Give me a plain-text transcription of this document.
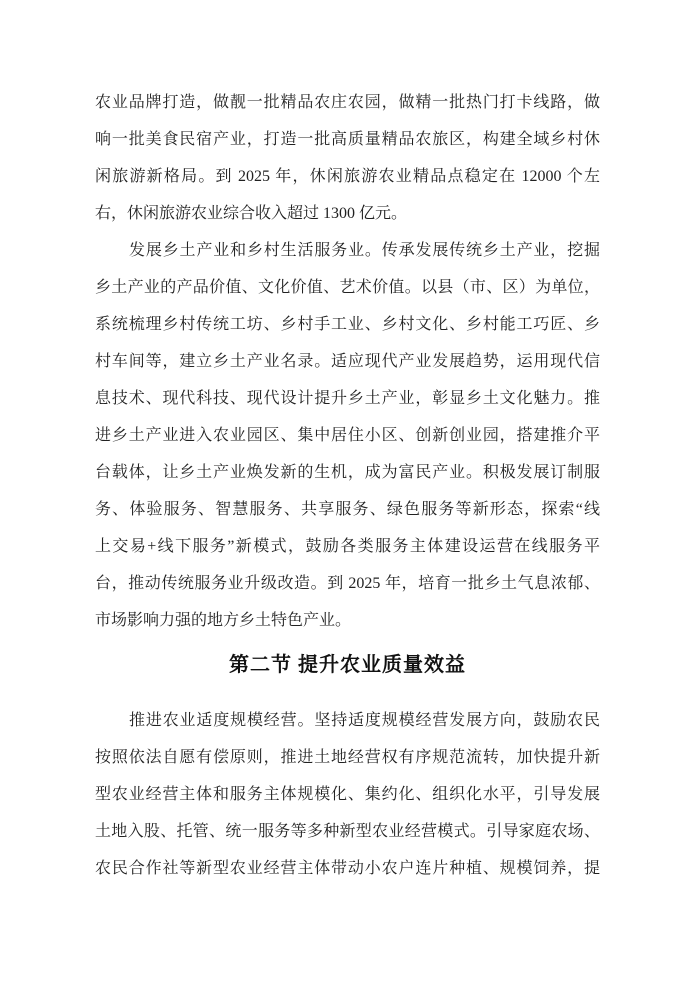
农业品牌打造，做靓一批精品农庄农园，做精一批热门打卡线路，做
响一批美食民宿产业，打造一批高质量精品农旅区，构建全域乡村休
闲旅游新格局。到 2025 年，休闲旅游农业精品点稳定在 12000 个左
右，休闲旅游农业综合收入超过 1300 亿元。
发展乡土产业和乡村生活服务业。传承发展传统乡土产业，挖掘
乡土产业的产品价值、文化价值、艺术价值。以县（市、区）为单位，
系统梳理乡村传统工坊、乡村手工业、乡村文化、乡村能工巧匠、乡
村车间等，建立乡土产业名录。适应现代产业发展趋势，运用现代信
息技术、现代科技、现代设计提升乡土产业，彰显乡土文化魅力。推
进乡土产业进入农业园区、集中居住小区、创新创业园，搭建推介平
台载体，让乡土产业焕发新的生机，成为富民产业。积极发展订制服
务、体验服务、智慧服务、共享服务、绿色服务等新形态，探索“线
上交易+线下服务”新模式，鼓励各类服务主体建设运营在线服务平
台，推动传统服务业升级改造。到 2025 年，培育一批乡土气息浓郁、
市场影响力强的地方乡土特色产业。
第二节 提升农业质量效益
推进农业适度规模经营。坚持适度规模经营发展方向，鼓励农民
按照依法自愿有偿原则，推进土地经营权有序规范流转，加快提升新
型农业经营主体和服务主体规模化、集约化、组织化水平，引导发展
土地入股、托管、统一服务等多种新型农业经营模式。引导家庭农场、
农民合作社等新型农业经营主体带动小农户连片种植、规模饲养，提
